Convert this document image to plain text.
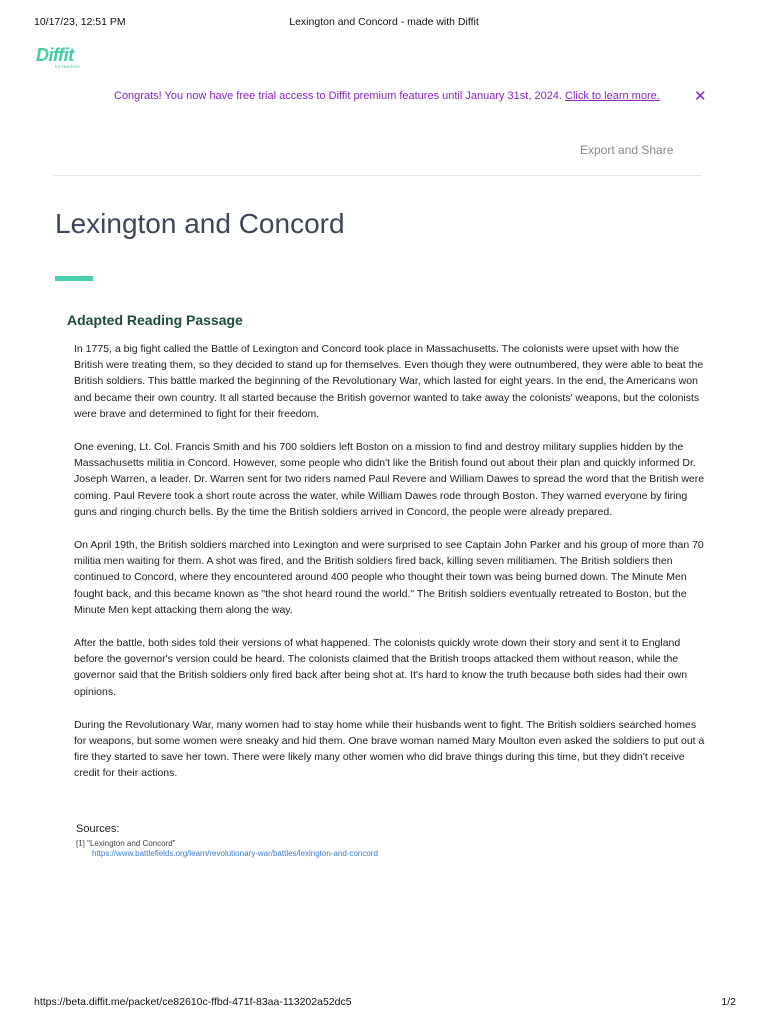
10/17/23, 12:51 PM	Lexington and Concord - made with Diffit
Diffit
for Teachers
Congrats! You now have free trial access to Diffit premium features until January 31st, 2024. Click to learn more. ✕
Export and Share
Lexington and Concord
Adapted Reading Passage

In 1775, a big fight called the Battle of Lexington and Concord took place in Massachusetts. The colonists were upset with how the British were treating them, so they decided to stand up for themselves. Even though they were outnumbered, they were able to beat the British soldiers. This battle marked the beginning of the Revolutionary War, which lasted for eight years. In the end, the Americans won and became their own country. It all started because the British governor wanted to take away the colonists' weapons, but the colonists were brave and determined to fight for their freedom.

One evening, Lt. Col. Francis Smith and his 700 soldiers left Boston on a mission to find and destroy military supplies hidden by the Massachusetts militia in Concord. However, some people who didn't like the British found out about their plan and quickly informed Dr. Joseph Warren, a leader. Dr. Warren sent for two riders named Paul Revere and William Dawes to spread the word that the British were coming. Paul Revere took a short route across the water, while William Dawes rode through Boston. They warned everyone by firing guns and ringing church bells. By the time the British soldiers arrived in Concord, the people were already prepared.

On April 19th, the British soldiers marched into Lexington and were surprised to see Captain John Parker and his group of more than 70 militia men waiting for them. A shot was fired, and the British soldiers fired back, killing seven militiamen. The British soldiers then continued to Concord, where they encountered around 400 people who thought their town was being burned down. The Minute Men fought back, and this became known as "the shot heard round the world." The British soldiers eventually retreated to Boston, but the Minute Men kept attacking them along the way.

After the battle, both sides told their versions of what happened. The colonists quickly wrote down their story and sent it to England before the governor's version could be heard. The colonists claimed that the British troops attacked them without reason, while the governor said that the British soldiers only fired back after being shot at. It's hard to know the truth because both sides had their own opinions.

During the Revolutionary War, many women had to stay home while their husbands went to fight. The British soldiers searched homes for weapons, but some women were sneaky and hid them. One brave woman named Mary Moulton even asked the soldiers to put out a fire they started to save her town. There were likely many other women who did brave things during this time, but they didn't receive credit for their actions.

Sources:
[1] "Lexington and Concord"
https://www.battlefields.org/learn/revolutionary-war/battles/lexington-and-concord
https://beta.diffit.me/packet/ce82610c-ffbd-471f-83aa-113202a52dc5	1/2
